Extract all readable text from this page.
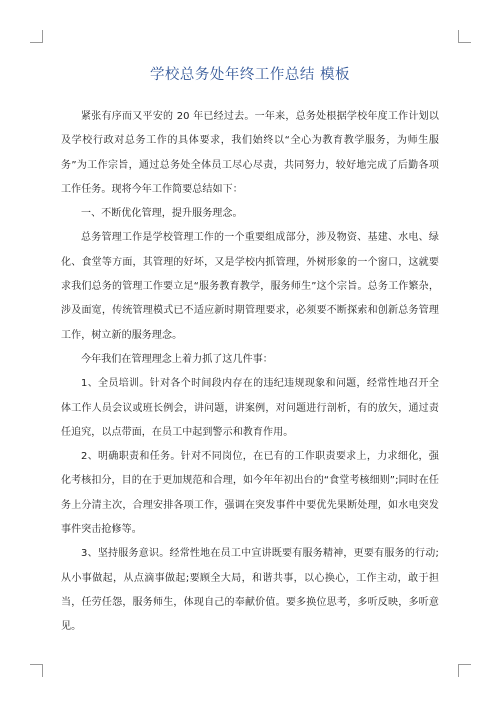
学校总务处年终工作总结 模板

紧张有序而又平安的 20 年已经过去。一年来，总务处根据学校年度工作计划以及学校行政对总务工作的具体要求，我们始终以“全心为教育教学服务，为师生服务”为工作宗旨，通过总务处全体员工尽心尽责，共同努力，较好地完成了后勤各项工作任务。现将今年工作简要总结如下：

一、不断优化管理，提升服务理念。

总务管理工作是学校管理工作的一个重要组成部分，涉及物资、基建、水电、绿化、食堂等方面，其管理的好坏，又是学校内抓管理，外树形象的一个窗口，这就要求我们总务的管理工作要立足“服务教育教学，服务师生”这个宗旨。总务工作繁杂，涉及面宽，传统管理模式已不适应新时期管理要求，必须要不断探索和创新总务管理工作，树立新的服务理念。

今年我们在管理理念上着力抓了这几件事：

1、全员培训。针对各个时间段内存在的违纪违规现象和问题，经常性地召开全体工作人员会议或班长例会，讲问题，讲案例，对问题进行剖析，有的放矢，通过责任追究，以点带面，在员工中起到警示和教育作用。

2、明确职责和任务。针对不同岗位，在已有的工作职责要求上，力求细化，强化考核扣分，目的在于更加规范和合理，如今年年初出台的“食堂考核细则”;同时在任务上分清主次，合理安排各项工作，强调在突发事件中要优先果断处理，如水电突发事件突击抢修等。

3、坚持服务意识。经常性地在员工中宣讲既要有服务精神，更要有服务的行动;从小事做起，从点滴事做起;要顾全大局，和谐共事，以心换心，工作主动，敢于担当，任劳任怨，服务师生，体现自己的奉献价值。要多换位思考，多听反映，多听意见。
